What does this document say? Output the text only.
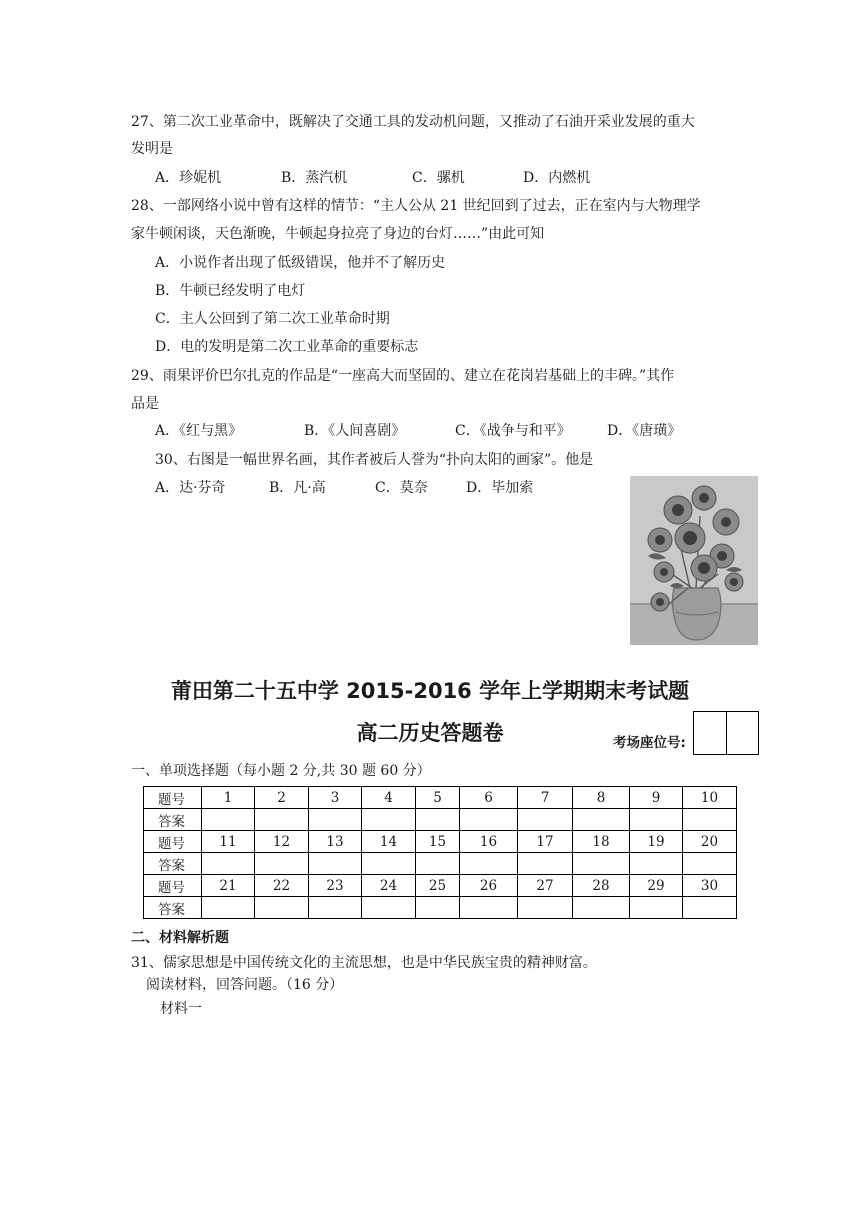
27、第二次工业革命中，既解决了交通工具的发动机问题，又推动了石油开采业发展的重大
发明是
A．珍妮机	B．蒸汽机	C．骡机	D．内燃机
28、一部网络小说中曾有这样的情节：“主人公从 21 世纪回到了过去，正在室内与大物理学
家牛顿闲谈，天色渐晚，牛顿起身拉亮了身边的台灯……”由此可知
A．小说作者出现了低级错误，他并不了解历史
B．牛顿已经发明了电灯
C．主人公回到了第二次工业革命时期
D．电的发明是第二次工业革命的重要标志
29、雨果评价巴尔扎克的作品是“一座高大而坚固的、建立在花岗岩基础上的丰碑。”其作
品是
A．《红与黑》	B．《人间喜剧》	C．《战争与和平》	D．《唐璜》
30、右图是一幅世界名画，其作者被后人誉为“扑向太阳的画家”。他是
A．达·芬奇	B．凡·高	C．莫奈	D．毕加索
莆田第二十五中学 2015-2016 学年上学期期末考试题
高二历史答题卷	考场座位号:
一、单项选择题（每小题 2 分,共 30 题 60 分）
题号	1	2	3	4	5	6	7	8	9	10
答案										
题号	11	12	13	14	15	16	17	18	19	20
答案										
题号	21	22	23	24	25	26	27	28	29	30
答案										
二、材料解析题
31、儒家思想是中国传统文化的主流思想，也是中华民族宝贵的精神财富。
阅读材料，回答问题。（16 分）
材料一
